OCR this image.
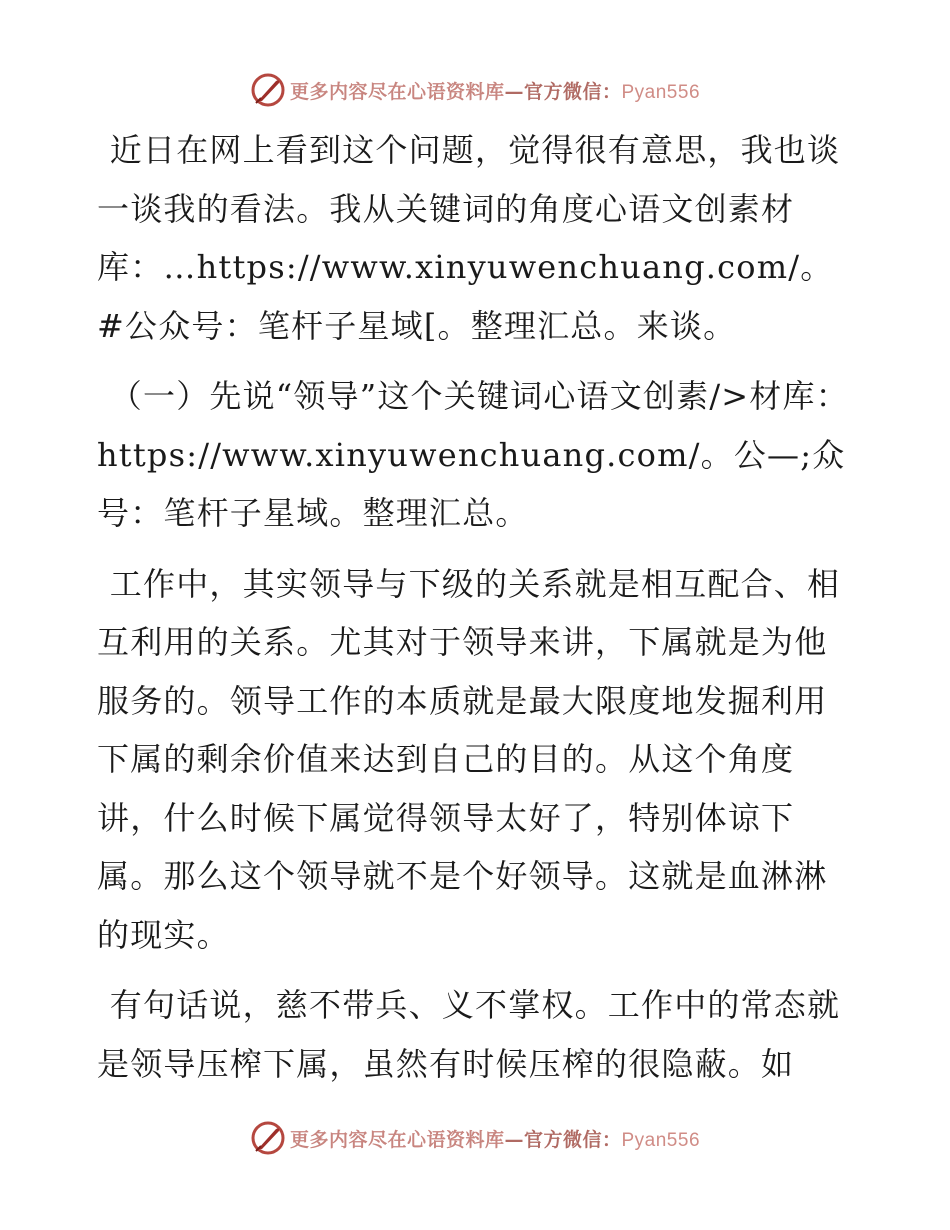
更多内容尽在心语资料库—官方微信：Pyan556

近日在网上看到这个问题，觉得很有意思，我也谈一谈我的看法。我从关键词的角度心语文创素材库：…https://www.xinyuwenchuang.com/。#公众号：笔杆子星域[。整理汇总。来谈。

（一）先说“领导”这个关键词心语文创素/>材库：https://www.xinyuwenchuang.com/。公—;众号：笔杆子星域。整理汇总。

工作中，其实领导与下级的关系就是相互配合、相互利用的关系。尤其对于领导来讲，下属就是为他服务的。领导工作的本质就是最大限度地发掘利用下属的剩余价值来达到自己的目的。从这个角度讲，什么时候下属觉得领导太好了，特别体谅下属。那么这个领导就不是个好领导。这就是血淋淋的现实。

有句话说，慈不带兵、义不掌权。工作中的常态就是领导压榨下属，虽然有时候压榨的很隐蔽。如

更多内容尽在心语资料库—官方微信：Pyan556
